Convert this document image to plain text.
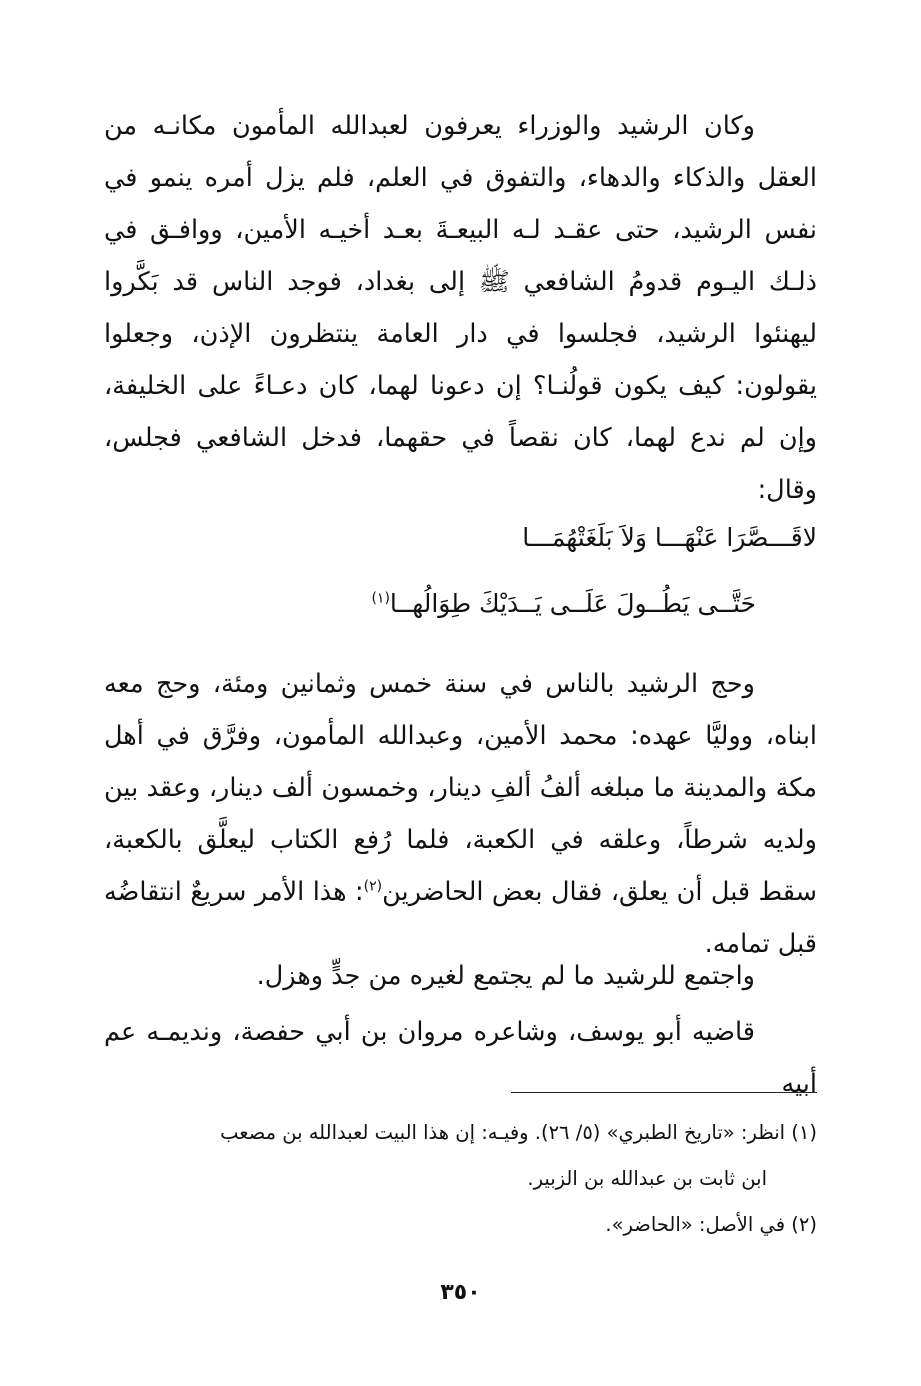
وكان الرشيد والوزراء يعرفون لعبدالله المأمون مكانـه من العقل والذكاء والدهاء، والتفوق في العلم، فلم يزل أمره ينمو في نفس الرشيد، حتى عقـد لـه البيعـةَ بعـد أخيـه الأمين، ووافـق في ذلـك اليـوم قدومُ الشافعي ﷺ إلى بغداد، فوجد الناس قد بَكَّروا ليهنئوا الرشيد، فجلسوا في دار العامة ينتظرون الإذن، وجعلوا يقولون: كيف يكون قولُنـا؟ إن دعونا لهما، كان دعـاءً على الخليفة، وإن لم ندع لهما، كان نقصاً في حقهما، فدخل الشافعي فجلس، وقال:

لاقَـــصَّرَا عَنْهَـــا وَلاَ بَلَغَتْهُمَـــا
حَتَّــى يَطُــولَ عَلَــى يَــدَيْكَ طِوَالُهــا$^{(١)}$
وحج الرشيد بالناس في سنة خمس وثمانين ومئة، وحج معه ابناه، ووليَّا عهده: محمد الأمين، وعبدالله المأمون، وفرَّق في أهل مكة والمدينة ما مبلغه ألفُ ألفِ دينار، وخمسون ألف دينار، وعقد بين ولديه شرطاً، وعلقه في الكعبة، فلما رُفع الكتاب ليعلَّق بالكعبة، سقط قبل أن يعلق، فقال بعض الحاضرين$^{(٢)}$: هذا الأمر سريعٌ انتقاضُه قبل تمامه.
واجتمع للرشيد ما لم يجتمع لغيره من جدٍّ وهزل.
قاضيه أبو يوسف، وشاعره مروان بن أبي حفصة، ونديمـه عم أبيه

(١) انظر: «تاريخ الطبري» (٥/ ٢٦). وفيـه: إن هذا البيت لعبدالله بن مصعب

ابن ثابت بن عبدالله بن الزبير.

(٢) في الأصل: «الحاضر».

٣٥٠
